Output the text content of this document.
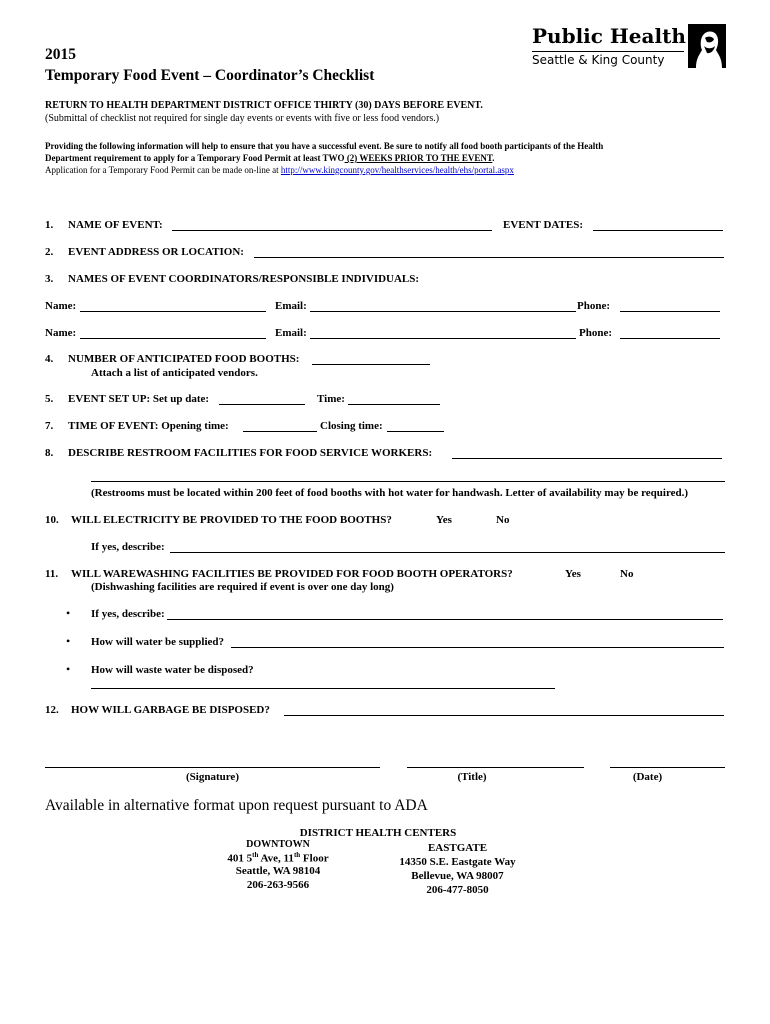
2015
Temporary Food Event – Coordinator’s Checklist
Public Health
Seattle & King County
RETURN TO HEALTH DEPARTMENT DISTRICT OFFICE THIRTY (30) DAYS BEFORE EVENT.
(Submittal of checklist not required for single day events or events with five or less food vendors.)
Providing the following information will help to ensure that you have a successful event. Be sure to notify all food booth participants of the Health
Department requirement to apply for a Temporary Food Permit at least TWO (2) WEEKS PRIOR TO THE EVENT.
Application for a Temporary Food Permit can be made on-line at http://www.kingcounty.gov/healthservices/health/ehs/portal.aspx
1. NAME OF EVENT:	EVENT DATES:
2. EVENT ADDRESS OR LOCATION:
3. NAMES OF EVENT COORDINATORS/RESPONSIBLE INDIVIDUALS:
Name:	Email:	Phone:
Name:	Email:	Phone:
4. NUMBER OF ANTICIPATED FOOD BOOTHS:
Attach a list of anticipated vendors.
5. EVENT SET UP: Set up date:	Time:
7. TIME OF EVENT: Opening time:	Closing time:
8. DESCRIBE RESTROOM FACILITIES FOR FOOD SERVICE WORKERS:
(Restrooms must be located within 200 feet of food booths with hot water for handwash. Letter of availability may be required.)
10. WILL ELECTRICITY BE PROVIDED TO THE FOOD BOOTHS?	Yes	No
If yes, describe:
11. WILL WAREWASHING FACILITIES BE PROVIDED FOR FOOD BOOTH OPERATORS?	Yes	No
(Dishwashing facilities are required if event is over one day long)
• If yes, describe:
• How will water be supplied?
• How will waste water be disposed?
12. HOW WILL GARBAGE BE DISPOSED?
(Signature)	(Title)	(Date)
Available in alternative format upon request pursuant to ADA
DISTRICT HEALTH CENTERS
DOWNTOWN
401 5th Ave, 11th Floor
Seattle, WA 98104
206-263-9566
EASTGATE
14350 S.E. Eastgate Way
Bellevue, WA 98007
206-477-8050
